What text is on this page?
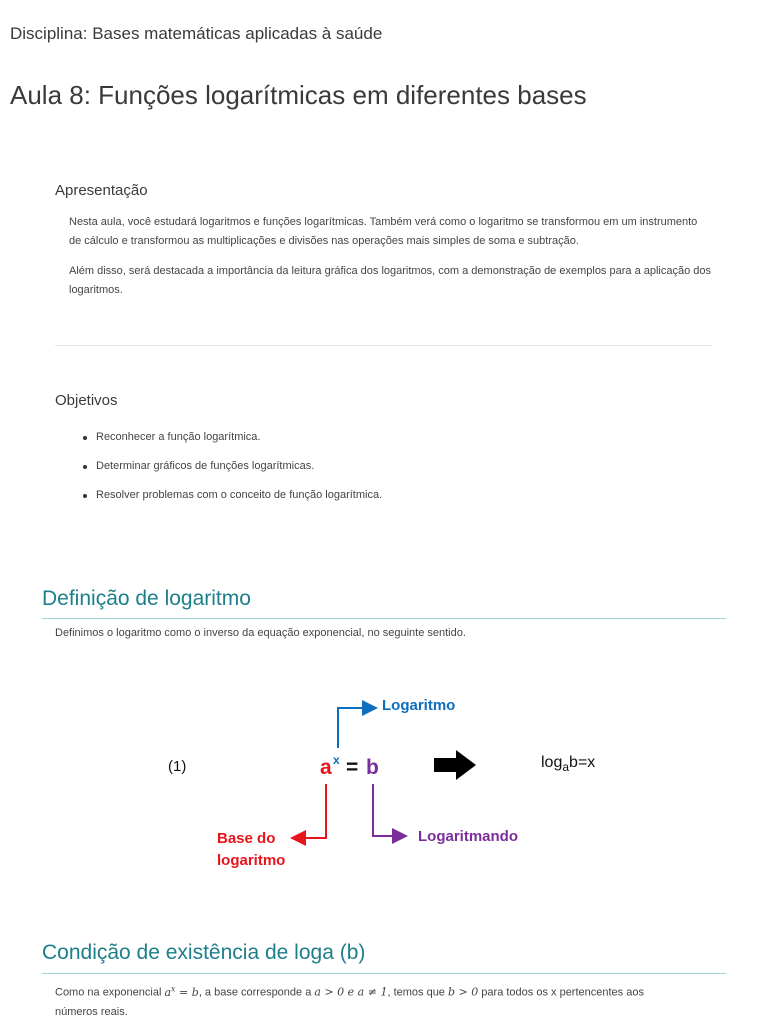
Disciplina: Bases matemáticas aplicadas à saúde
Aula 8: Funções logarítmicas em diferentes bases
Apresentação

Nesta aula, você estudará logaritmos e funções logarítmicas. Também verá como o logaritmo se transformou em um instrumento de cálculo e transformou as multiplicações e divisões nas operações mais simples de soma e subtração.

Além disso, será destacada a importância da leitura gráfica dos logaritmos, com a demonstração de exemplos para a aplicação dos logaritmos.

Objetivos
Reconhecer a função logarítmica.
Determinar gráficos de funções logarítmicas.
Resolver problemas com o conceito de função logarítmica.
Definição de logaritmo

Definimos o logaritmo como o inverso da equação exponencial, no seguinte sentido.

(1)
Logaritmo
a x = b
Base do
logaritmo
Logaritmando
$\log_ab=x$
Condição de existência de loga (b)

Como na exponencial $a^x = b$, a base corresponde a a > 0 e a ≠ 1, temos que b > 0 para todos os x pertencentes aos
números reais.
